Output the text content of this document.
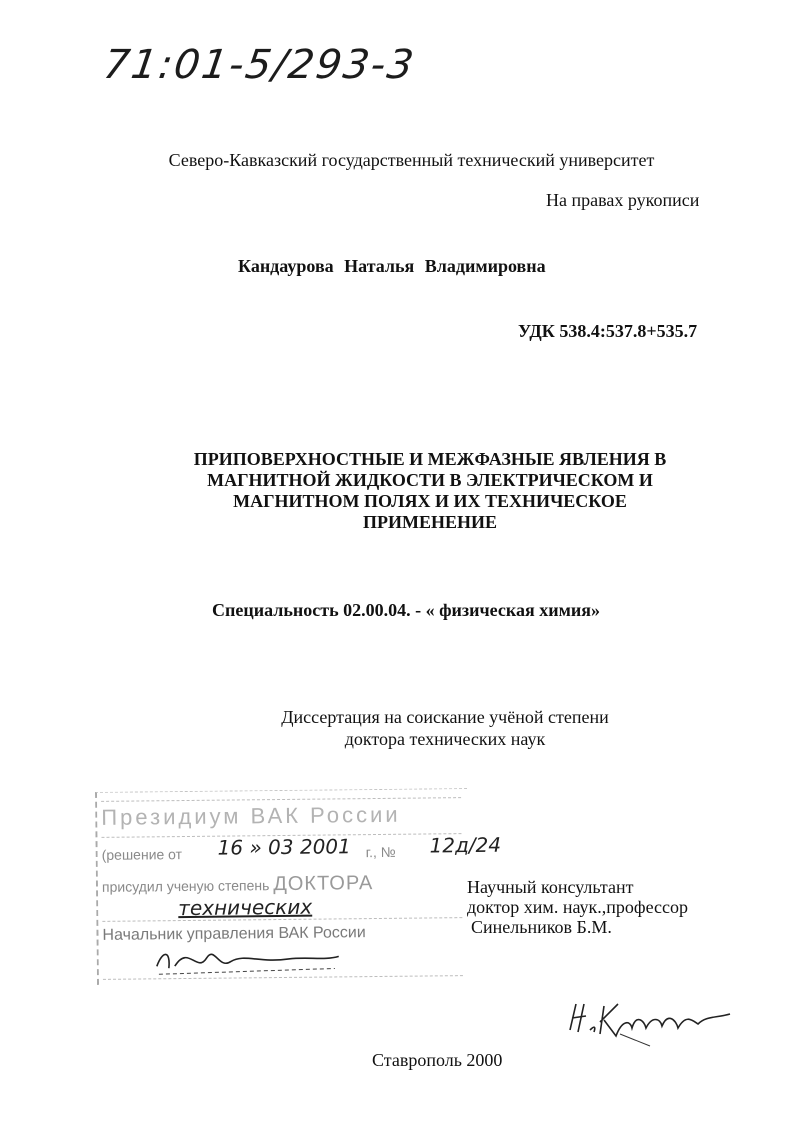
71:01-5/293-3
Северо-Кавказский государственный технический университет
На правах рукописи
Кандаурова Наталья Владимировна
УДК 538.4:537.8+535.7
ПРИПОВЕРХНОСТНЫЕ И МЕЖФАЗНЫЕ ЯВЛЕНИЯ В
МАГНИТНОЙ ЖИДКОСТИ В ЭЛЕКТРИЧЕСКОМ И
МАГНИТНОМ ПОЛЯХ И ИХ ТЕХНИЧЕСКОЕ
ПРИМЕНЕНИЕ
Специальность 02.00.04. - « физическая химия»
Диссертация на соискание учёной степени
доктора технических наук
Президиум ВАК России
(решение от	г., №
16 » 03 2001	12д/24
присудил ученую степень ДОКТОРА
технических
Начальник управления ВАК России
Научный консультант
доктор хим. наук.,профессор
Синельников Б.М.
Ставрополь 2000
